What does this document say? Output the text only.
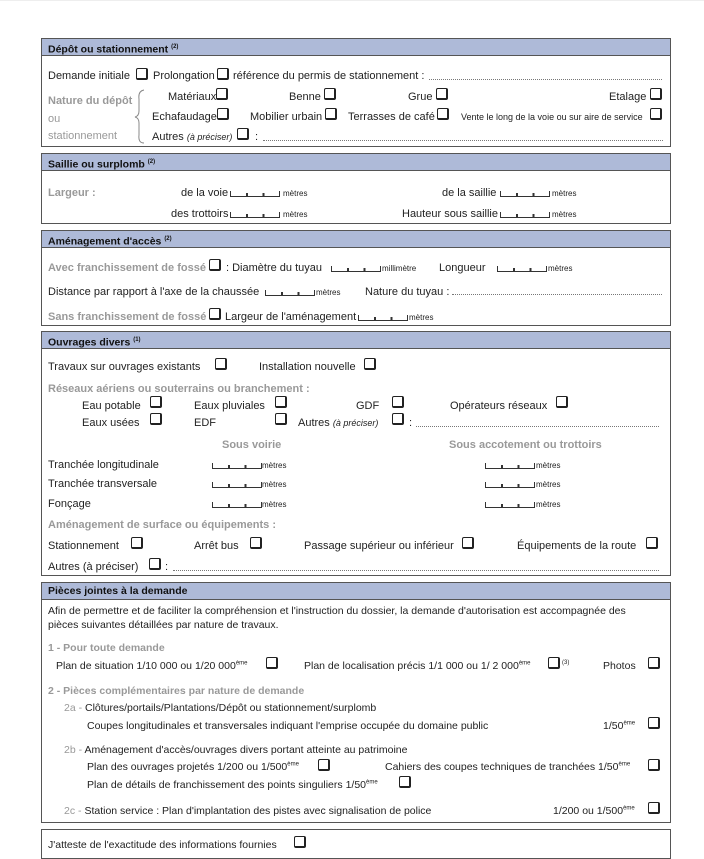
Dépôt ou stationnement $^{(2)}$
Demande initiale Prolongation référence du permis de stationnement :
Nature du dépôt
ou
stationnement
Matériaux	Benne	Grue	Etalage
Echafaudage	Mobilier urbain Terrasses de café	Vente le long de la voie ou sur aire de service
Autres (à préciser) :
Saillie ou surplomb $^{(2)}$
Largeur :	de la voie	mètres	de la saillie	mètres
des trottoirs	mètres	Hauteur sous saillie	mètres
Aménagement d'accès $^{(2)}$
Avec franchissement de fossé : Diamètre du tuyau	millimètre Longueur	mètres
Distance par rapport à l'axe de la chaussée	mètres Nature du tuyau :
Sans franchissement de fossé Largeur de l'aménagement	mètres
Ouvrages divers $^{(1)}$
Travaux sur ouvrages existants	Installation nouvelle
Réseaux aériens ou souterrains ou branchement :
Eau potable	Eaux pluviales	GDF	Opérateurs réseaux
Eaux usées	EDF	Autres (à préciser)	:
Sous voirie	Sous accotement ou trottoirs
Tranchée longitudinale	mètres	mètres
Tranchée transversale	mètres	mètres
Fonçage	mètres	mètres
Aménagement de surface ou équipements :
Stationnement	Arrêt bus	Passage supérieur ou inférieur	Équipements de la route
Autres (à préciser) :
Pièces jointes à la demande
Afin de permettre et de faciliter la compréhension et l'instruction du dossier, la demande d'autorisation est accompagnée des
pièces suivantes détaillées par nature de travaux.
1 - Pour toute demande
Plan de situation 1/10 000 ou 1/20 000ème	Plan de localisation précis 1/1 000 ou 1/ 2 000ème	(3)	Photos
2 - Pièces complémentaires par nature de demande
2a - Clôtures/portails/Plantations/Dépôt ou stationnement/surplomb
Coupes longitudinales et transversales indiquant l'emprise occupée du domaine public	1/50ème
2b - Aménagement d'accès/ouvrages divers portant atteinte au patrimoine
Plan des ouvrages projetés 1/200 ou 1/500ème	Cahiers des coupes techniques de tranchées 1/50ème
Plan de détails de franchissement des points singuliers 1/50ème
2c - Station service : Plan d'implantation des pistes avec signalisation de police	1/200 ou 1/500ème
J'atteste de l'exactitude des informations fournies
